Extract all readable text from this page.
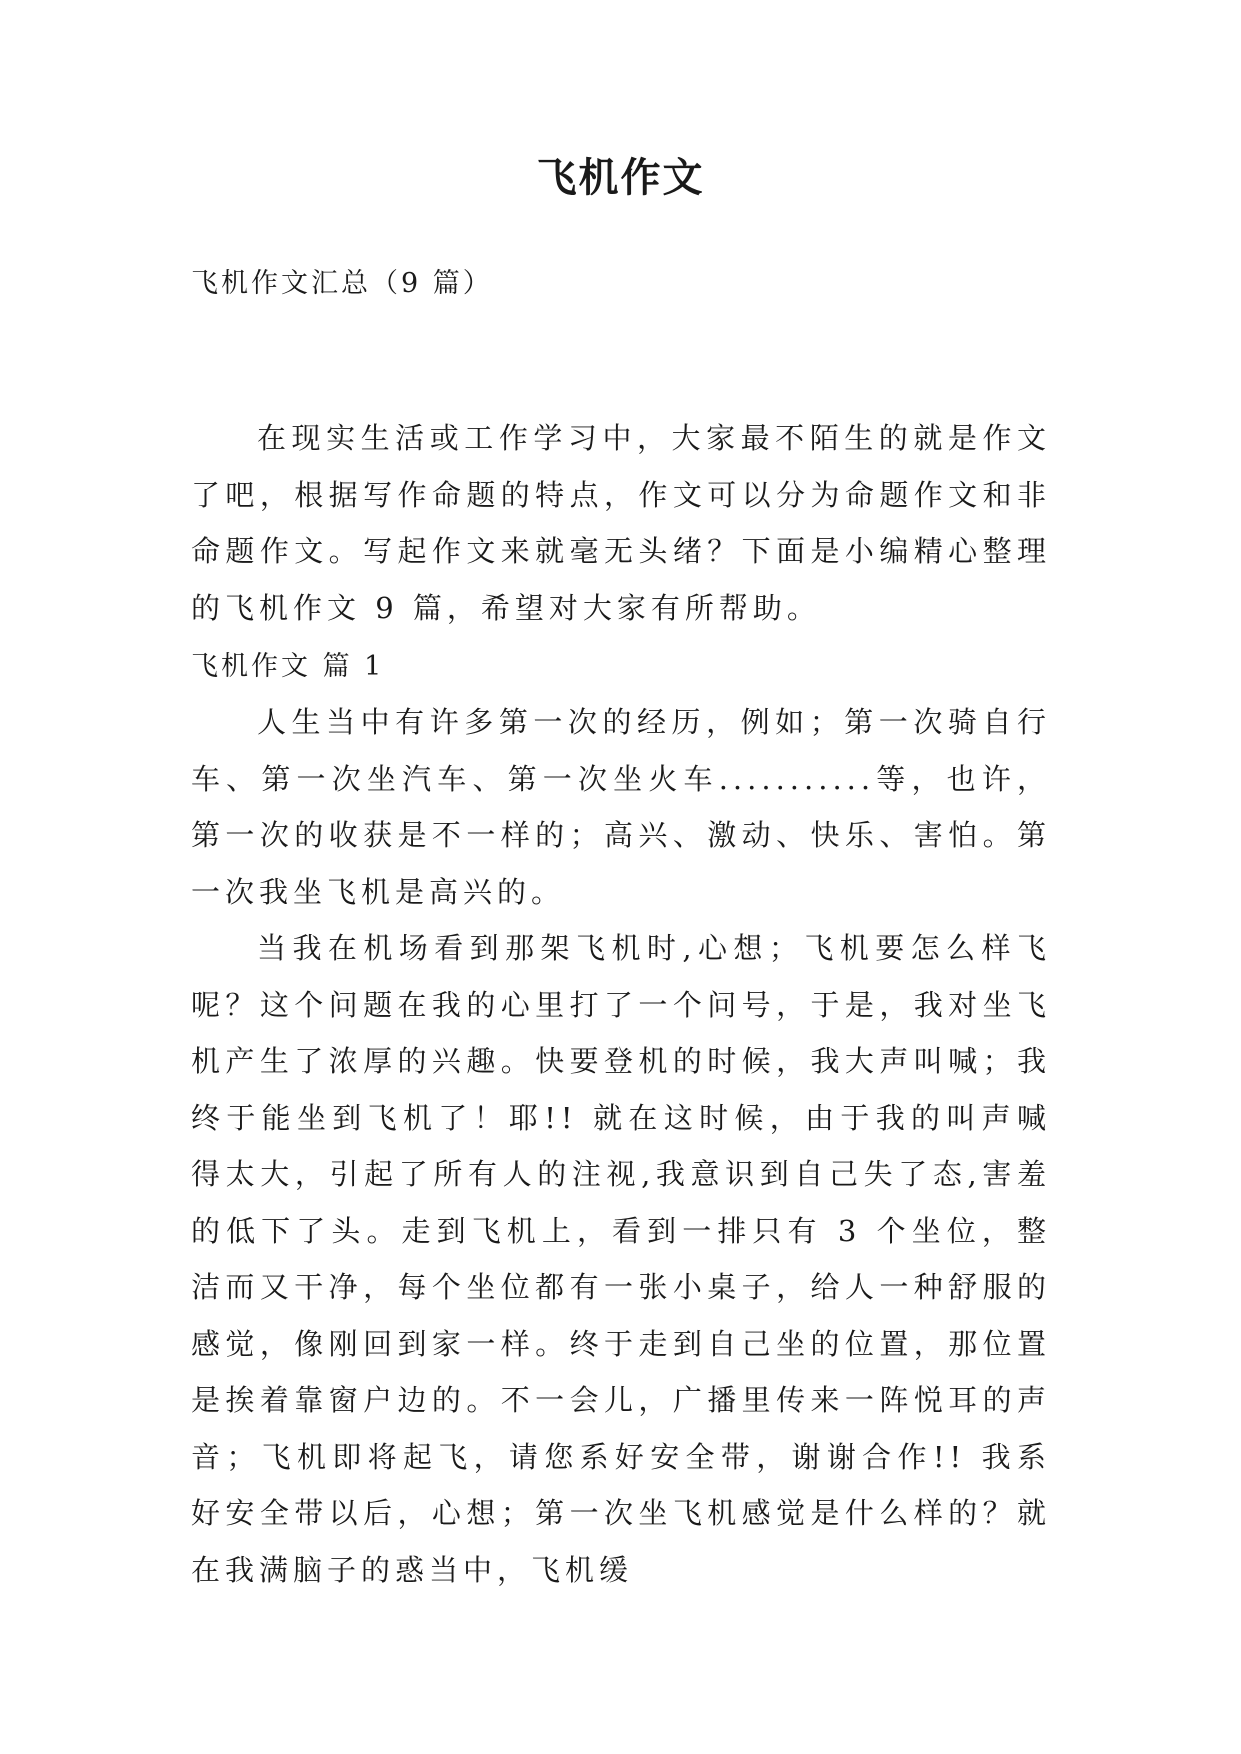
飞机作文
飞机作文汇总（9 篇）

在现实生活或工作学习中，大家最不陌生的就是作文了吧，根据写作命题的特点，作文可以分为命题作文和非命题作文。写起作文来就毫无头绪？下面是小编精心整理的飞机作文 9 篇，希望对大家有所帮助。

飞机作文 篇 1

人生当中有许多第一次的经历，例如；第一次骑自行车、第一次坐汽车、第一次坐火车...........等，也许，第一次的收获是不一样的；高兴、激动、快乐、害怕。第一次我坐飞机是高兴的。

当我在机场看到那架飞机时,心想；飞机要怎么样飞呢？这个问题在我的心里打了一个问号，于是，我对坐飞机产生了浓厚的兴趣。快要登机的时候，我大声叫喊；我终于能坐到飞机了！耶!! 就在这时候，由于我的叫声喊得太大，引起了所有人的注视,我意识到自己失了态,害羞的低下了头。走到飞机上，看到一排只有 3 个坐位，整洁而又干净，每个坐位都有一张小桌子，给人一种舒服的感觉，像刚回到家一样。终于走到自己坐的位置，那位置是挨着靠窗户边的。不一会儿，广播里传来一阵悦耳的声音；飞机即将起飞，请您系好安全带，谢谢合作!! 我系好安全带以后，心想；第一次坐飞机感觉是什么样的？就在我满脑子的惑当中，飞机缓
